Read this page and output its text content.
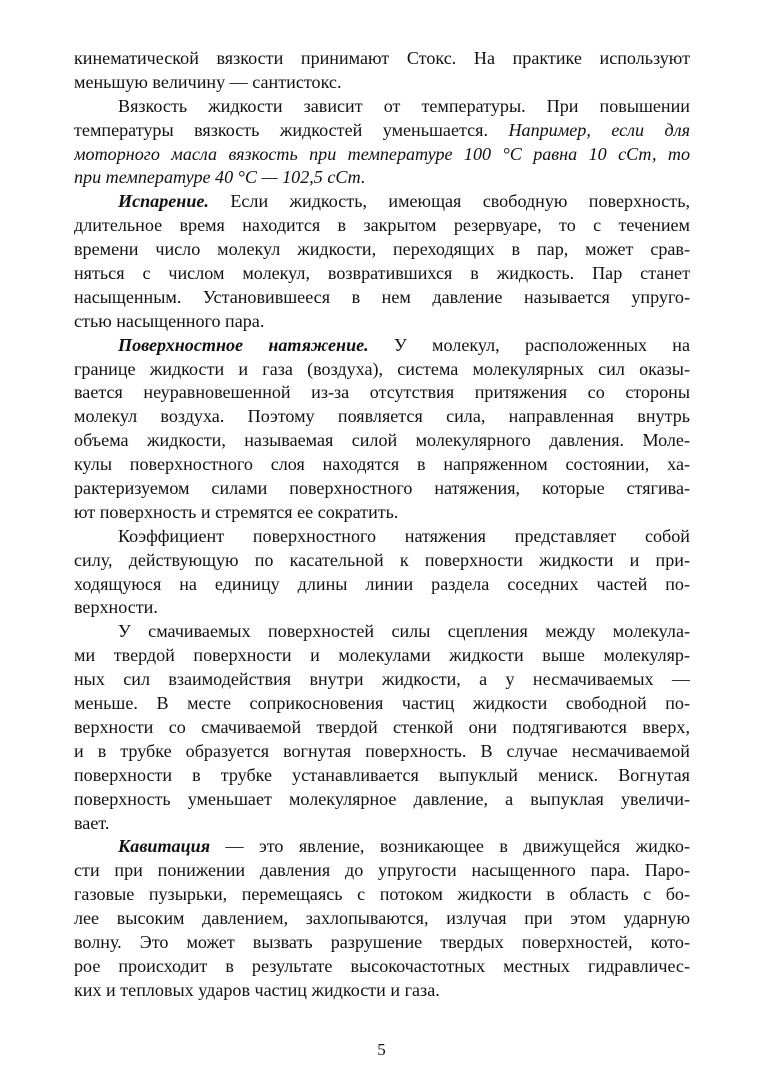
кинематической вязкости принимают Стокс. На практике используют
меньшую величину — сантистокс.
Вязкость жидкости зависит от температуры. При повышении
температуры вязкость жидкостей уменьшается. Например, если для
моторного масла вязкость при температуре 100 °C равна 10 сСт, то
при температуре 40 °C — 102,5 сСт.
Испарение. Если жидкость, имеющая свободную поверхность,
длительное время находится в закрытом резервуаре, то с течением
времени число молекул жидкости, переходящих в пар, может срав-
няться с числом молекул, возвратившихся в жидкость. Пар станет
насыщенным. Установившееся в нем давление называется упруго-
стью насыщенного пара.
Поверхностное натяжение. У молекул, расположенных на
границе жидкости и газа (воздуха), система молекулярных сил оказы-
вается неуравновешенной из-за отсутствия притяжения со стороны
молекул воздуха. Поэтому появляется сила, направленная внутрь
объема жидкости, называемая силой молекулярного давления. Моле-
кулы поверхностного слоя находятся в напряженном состоянии, ха-
рактеризуемом силами поверхностного натяжения, которые стягива-
ют поверхность и стремятся ее сократить.
Коэффициент поверхностного натяжения представляет собой
силу, действующую по касательной к поверхности жидкости и при-
ходящуюся на единицу длины линии раздела соседних частей по-
верхности.
У смачиваемых поверхностей силы сцепления между молекула-
ми твердой поверхности и молекулами жидкости выше молекуляр-
ных сил взаимодействия внутри жидкости, а у несмачиваемых —
меньше. В месте соприкосновения частиц жидкости свободной по-
верхности со смачиваемой твердой стенкой они подтягиваются вверх,
и в трубке образуется вогнутая поверхность. В случае несмачиваемой
поверхности в трубке устанавливается выпуклый мениск. Вогнутая
поверхность уменьшает молекулярное давление, а выпуклая увеличи-
вает.
Кавитация — это явление, возникающее в движущейся жидко-
сти при понижении давления до упругости насыщенного пара. Паро-
газовые пузырьки, перемещаясь с потоком жидкости в область с бо-
лее высоким давлением, захлопываются, излучая при этом ударную
волну. Это может вызвать разрушение твердых поверхностей, кото-
рое происходит в результате высокочастотных местных гидравличес-
ких и тепловых ударов частиц жидкости и газа.
5
